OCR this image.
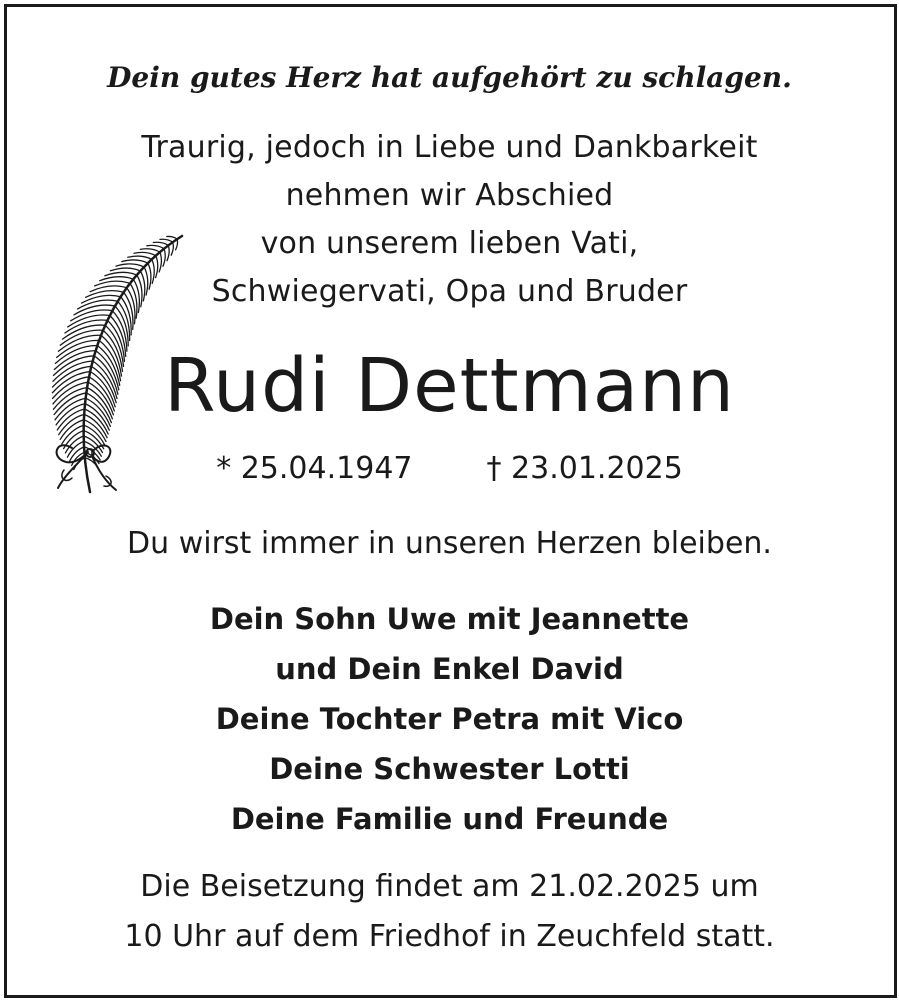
Dein gutes Herz hat aufgehört zu schlagen.

Traurig, jedoch in Liebe und Dankbarkeit

nehmen wir Abschied

von unserem lieben Vati,

Schwiegervati, Opa und Bruder

Rudi Dettmann

* 25.04.1947 † 23.01.2025

Du wirst immer in unseren Herzen bleiben.

Dein Sohn Uwe mit Jeannette

und Dein Enkel David

Deine Tochter Petra mit Vico

Deine Schwester Lotti

Deine Familie und Freunde

Die Beisetzung findet am 21.02.2025 um

10 Uhr auf dem Friedhof in Zeuchfeld statt.
